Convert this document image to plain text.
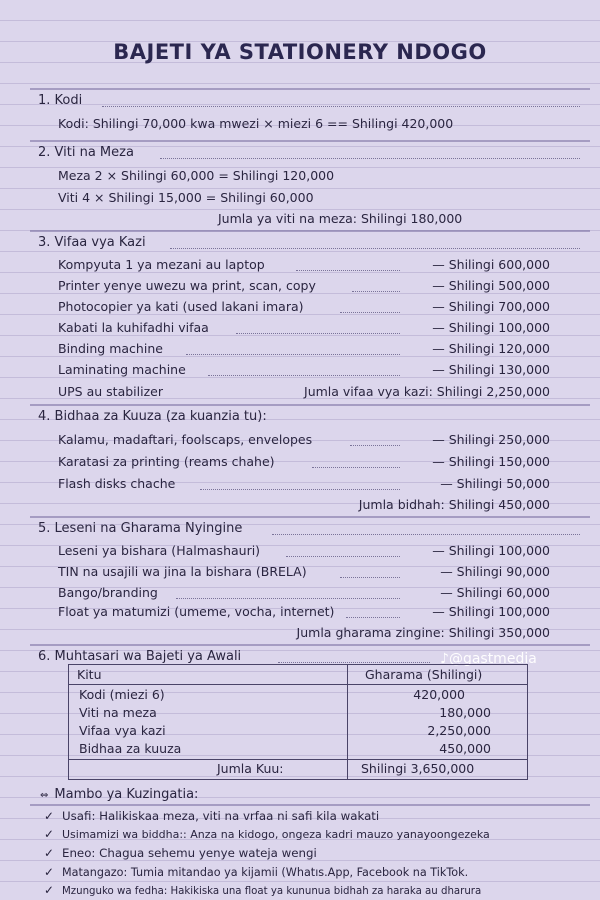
BAJETI YA STATIONERY NDOGO
1. Kodi
Kodi: Shilingi 70,000 kwa mwezi × miezi 6 == Shilingi 420,000
2. Viti na Meza
Meza 2 × Shilingi 60,000 = Shilingi 120,000
Viti 4 × Shilingi 15,000 = Shilingi 60,000
Jumla ya viti na meza: Shilingi 180,000
3. Vifaa vya Kazi
Kompyuta 1 ya mezani au laptop	— Shilingi 600,000
Printer yenye uwezu wa print, scan, copy	— Shilingi 500,000
Photocopier ya kati (used lakani imara)	— Shilingi 700,000
Kabati la kuhifadhi vifaa	— Shilingi 100,000
Binding machine	— Shilingi 120,000
Laminating machine	— Shilingi 130,000
UPS au stabilizer	Jumla vifaa vya kazi: Shilingi 2,250,000
4. Bidhaa za Kuuza (za kuanzia tu):
Kalamu, madaftari, foolscaps, envelopes	— Shilingi 250,000
Karatasi za printing (reams chahe)	— Shilingi 150,000
Flash disks chache	— Shilingi 50,000
Jumla bidhah: Shilingi 450,000
5. Leseni na Gharama Nyingine
Leseni ya bishara (Halmashauri)	— Shilingi 100,000
TIN na usajili wa jina la bishara (BRELA)	— Shilingi 90,000
Bango/branding	— Shilingi 60,000
Float ya matumizi (umeme, vocha, internet)	— Shilingi 100,000
Jumla gharama zingine: Shilingi 350,000
6. Muhtasari wa Bajeti ya Awali	♪@gastmedia
Kitu	Gharama (Shilingi)
Kodi (miezi 6)	420,000
Viti na meza	180,000
Vifaa vya kazi	2,250,000
Bidhaa za kuuza	450,000
Jumla Kuu:	Shilingi 3,650,000
⇔ Mambo ya Kuzingatia:
✓ Usafi: Halikiskaa meza, viti na vrfaa ni safi kila wakati
✓ Usimamizi wa biddha:: Anza na kidogo, ongeza kadri mauzo yanayoongezeka
✓ Eneo: Chagua sehemu yenye wateja wengi
✓ Matangazo: Tumia mitandao ya kijamii (Whatıs.App, Facebook na TikTok.
✓ Mzunguko wa fedha: Hakikiska una float ya kununua bidhah za haraka au dharura
